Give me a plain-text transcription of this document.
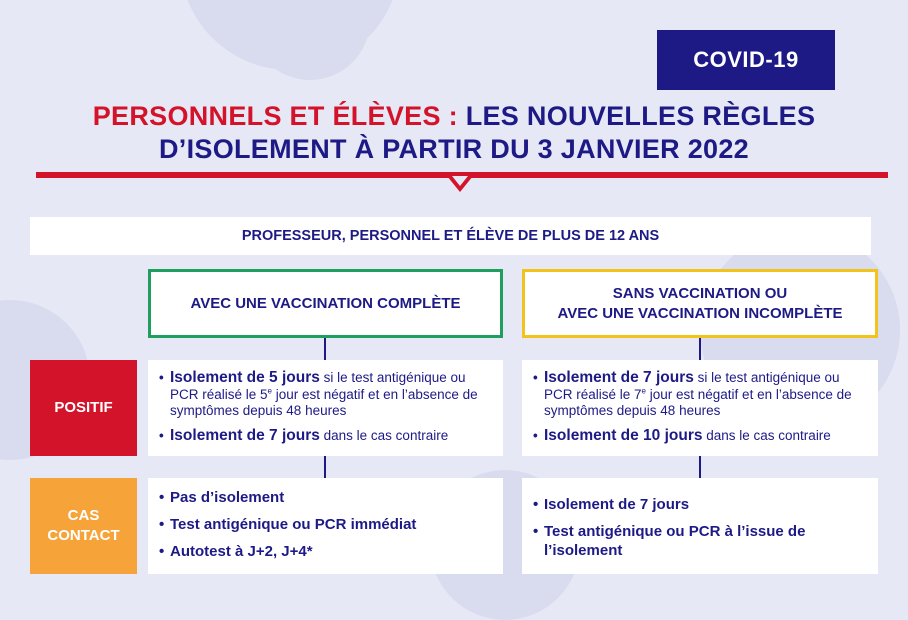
COVID-19
PERSONNELS ET ÉLÈVES : LES NOUVELLES RÈGLES
D’ISOLEMENT À PARTIR DU 3 JANVIER 2022
PROFESSEUR, PERSONNEL ET ÉLÈVE DE PLUS DE 12 ANS
AVEC UNE VACCINATION COMPLÈTE
SANS VACCINATION OU
AVEC UNE VACCINATION INCOMPLÈTE
POSITIF
CAS
CONTACT
• Isolement de 5 jours si le test antigénique ou PCR réalisé le 5e jour est négatif et en l’absence de symptômes depuis 48 heures
• Isolement de 7 jours dans le cas contraire
• Isolement de 7 jours si le test antigénique ou PCR réalisé le 7e jour est négatif et en l’absence de symptômes depuis 48 heures
• Isolement de 10 jours dans le cas contraire
• Pas d’isolement
• Test antigénique ou PCR immédiat
• Autotest à J+2, J+4*
• Isolement de 7 jours
• Test antigénique ou PCR à l’issue de l’isolement
